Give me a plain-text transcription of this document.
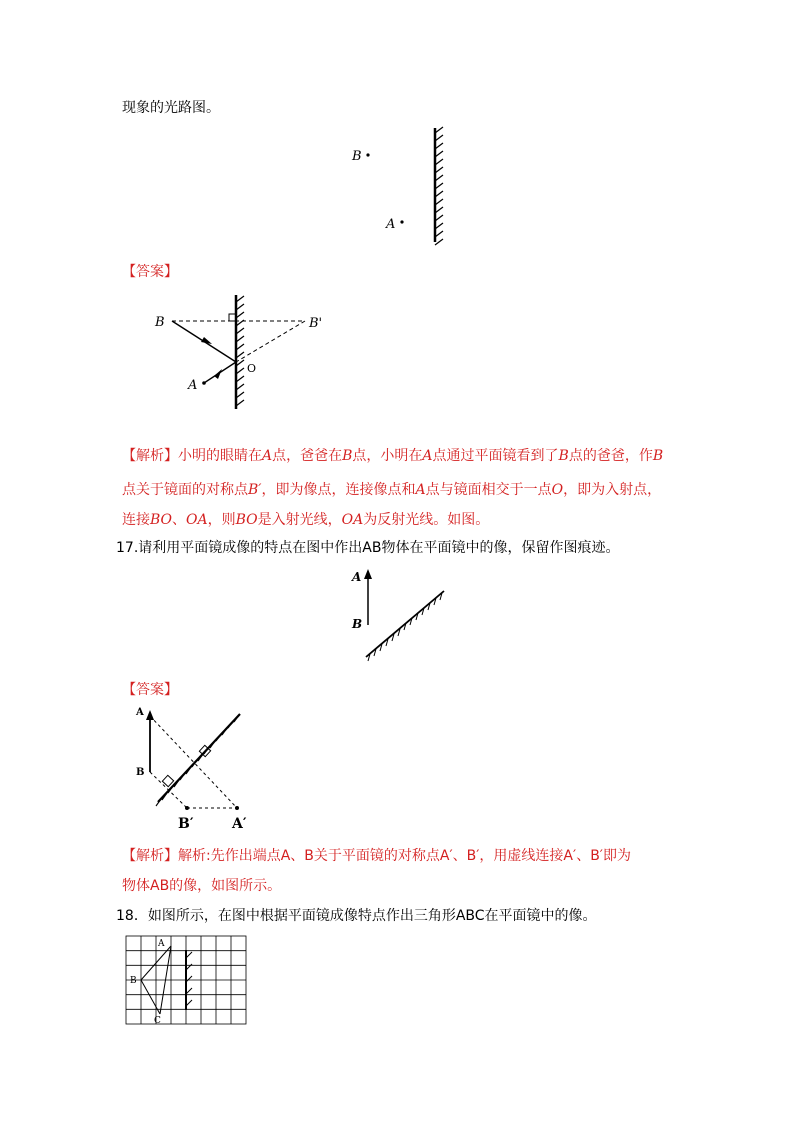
现象的光路图。
B
A
【答案】
B	B'
A
O
【解析】小明的眼睛在A点，爸爸在B点，小明在A点通过平面镜看到了B点的爸爸，作B
点关于镜面的对称点B′，即为像点，连接像点和A点与镜面相交于一点O，即为入射点，
连接BO、OA，则BO是入射光线，OA为反射光线。如图。
17.请利用平面镜成像的特点在图中作出AB物体在平面镜中的像，保留作图痕迹。
A
B
【答案】
A
B
B′	A′
【解析】解析:先作出端点A、B关于平面镜的对称点A′、B′，用虚线连接A′、B′即为
物体AB的像，如图所示。
18．如图所示，在图中根据平面镜成像特点作出三角形ABC在平面镜中的像。
A
B
C
